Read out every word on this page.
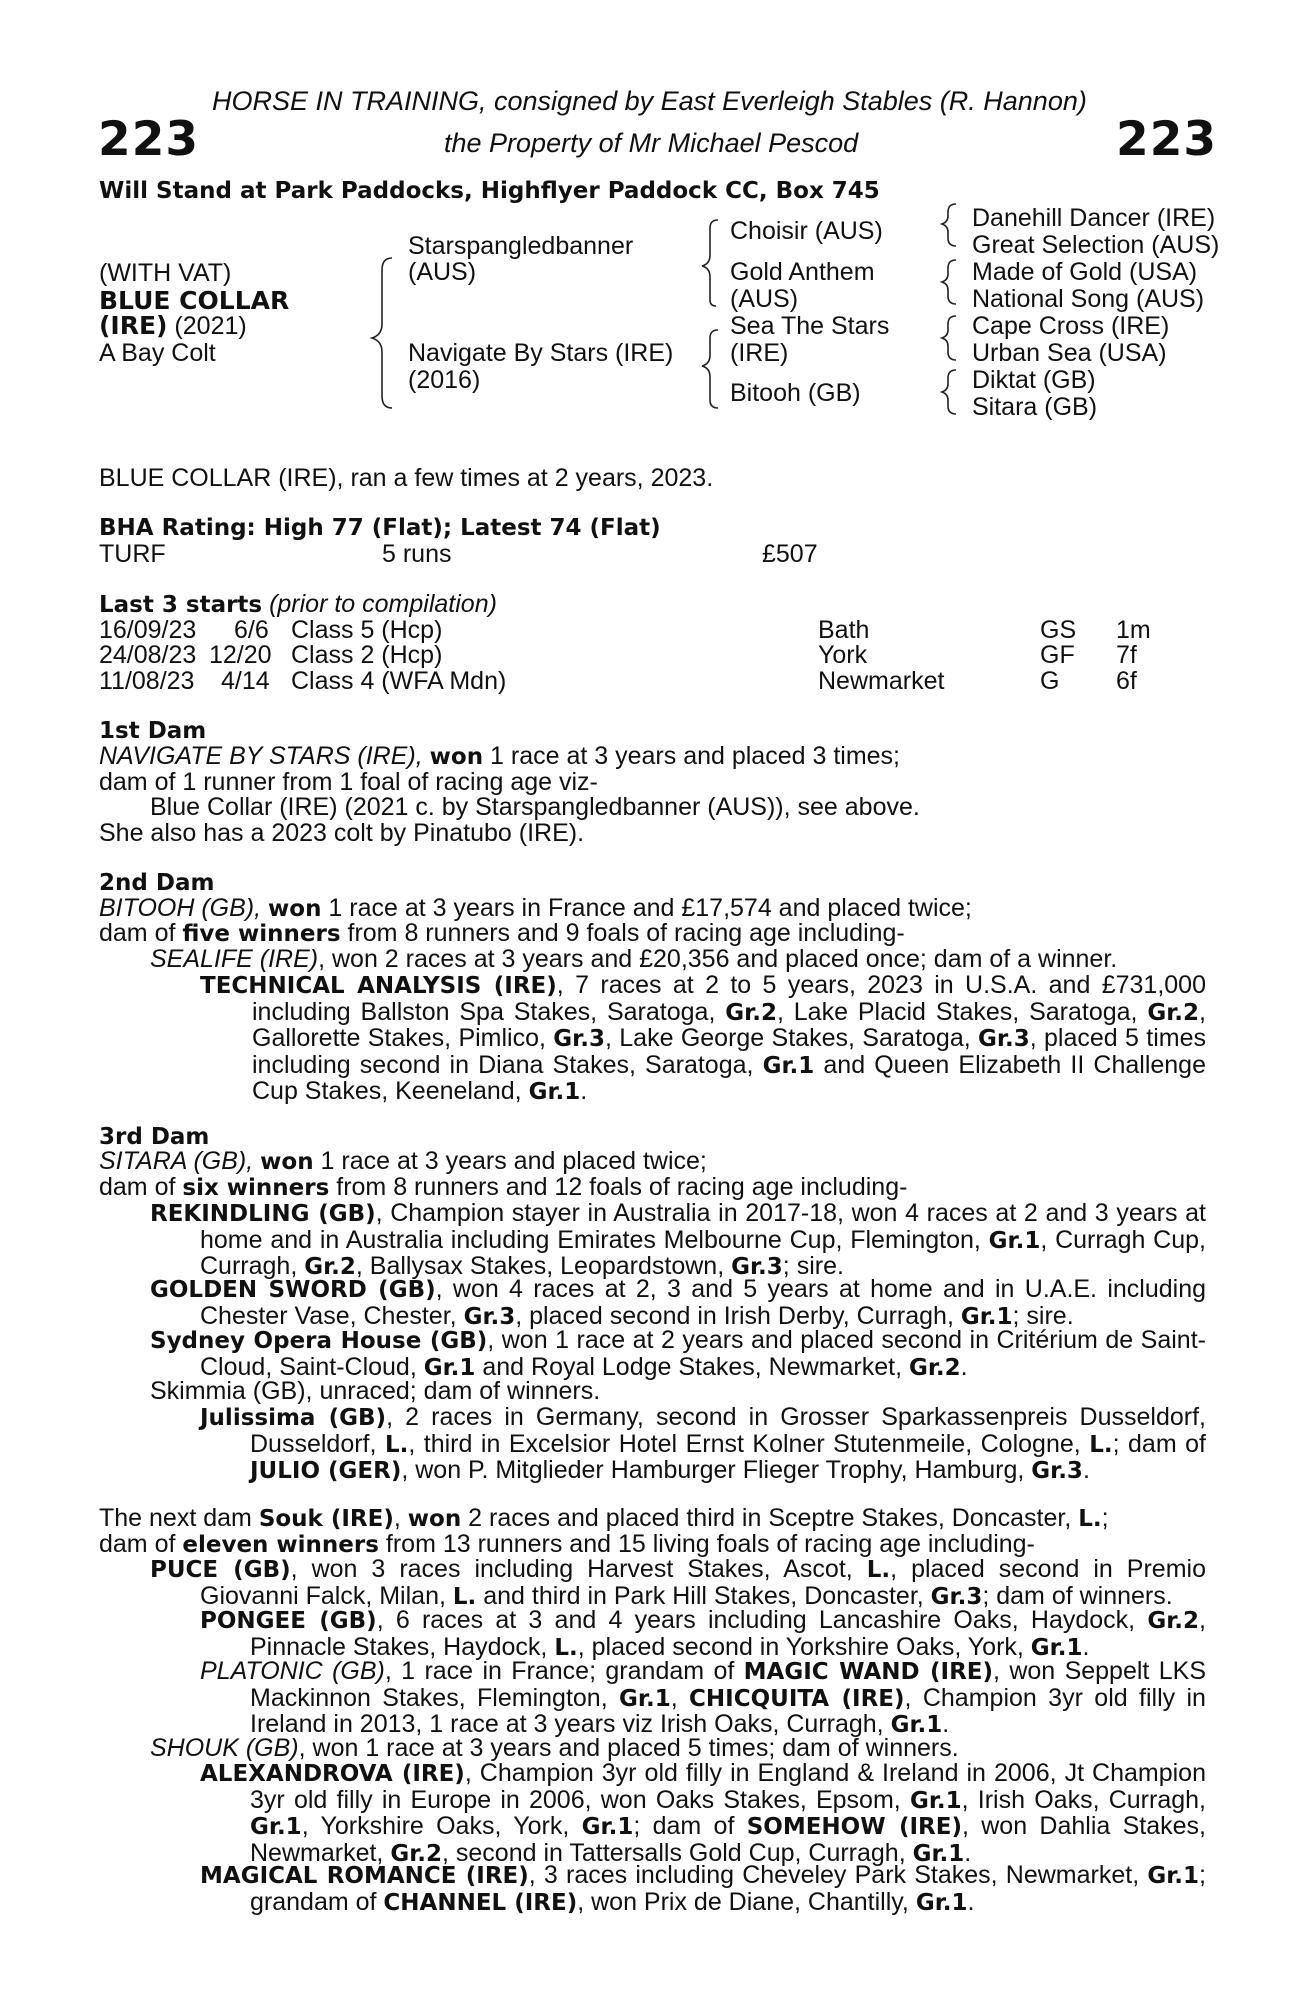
HORSE IN TRAINING, consigned by East Everleigh Stables (R. Hannon)
223	the Property of Mr Michael Pescod	223
Will Stand at Park Paddocks, Highflyer Paddock CC, Box 745
(WITH VAT)
BLUE COLLAR
(IRE) (2021)
A Bay Colt
Starspangledbanner
(AUS)
Navigate By Stars (IRE)
(2016)
Choisir (AUS)
Gold Anthem
(AUS)
Sea The Stars
(IRE)
Bitooh (GB)
Danehill Dancer (IRE)
Great Selection (AUS)
Made of Gold (USA)
National Song (AUS)
Cape Cross (IRE)
Urban Sea (USA)
Diktat (GB)
Sitara (GB)
BLUE COLLAR (IRE), ran a few times at 2 years, 2023.
BHA Rating: High 77 (Flat); Latest 74 (Flat)
TURF	5 runs	£507
Last 3 starts (prior to compilation)
16/09/23 6/6 Class 5 (Hcp)	Bath	GS 1m
24/08/23 12/20 Class 2 (Hcp)	York	GF 7f
11/08/23 4/14 Class 4 (WFA Mdn)	Newmarket	G 6f
1st Dam
NAVIGATE BY STARS (IRE), won 1 race at 3 years and placed 3 times;
dam of 1 runner from 1 foal of racing age viz-
Blue Collar (IRE) (2021 c. by Starspangledbanner (AUS)), see above.
She also has a 2023 colt by Pinatubo (IRE).
2nd Dam
BITOOH (GB), won 1 race at 3 years in France and £17,574 and placed twice;
dam of five winners from 8 runners and 9 foals of racing age including-
SEALIFE (IRE), won 2 races at 3 years and £20,356 and placed once; dam of a winner.
TECHNICAL ANALYSIS (IRE), 7 races at 2 to 5 years, 2023 in U.S.A. and £731,000 including Ballston Spa Stakes, Saratoga, Gr.2, Lake Placid Stakes, Saratoga, Gr.2, Gallorette Stakes, Pimlico, Gr.3, Lake George Stakes, Saratoga, Gr.3, placed 5 times including second in Diana Stakes, Saratoga, Gr.1 and Queen Elizabeth II Challenge Cup Stakes, Keeneland, Gr.1.
3rd Dam
SITARA (GB), won 1 race at 3 years and placed twice;
dam of six winners from 8 runners and 12 foals of racing age including-
REKINDLING (GB), Champion stayer in Australia in 2017-18, won 4 races at 2 and 3 years at home and in Australia including Emirates Melbourne Cup, Flemington, Gr.1, Curragh Cup, Curragh, Gr.2, Ballysax Stakes, Leopardstown, Gr.3; sire.
GOLDEN SWORD (GB), won 4 races at 2, 3 and 5 years at home and in U.A.E. including Chester Vase, Chester, Gr.3, placed second in Irish Derby, Curragh, Gr.1; sire.
Sydney Opera House (GB), won 1 race at 2 years and placed second in Critérium de Saint-Cloud, Saint-Cloud, Gr.1 and Royal Lodge Stakes, Newmarket, Gr.2.
Skimmia (GB), unraced; dam of winners.
Julissima (GB), 2 races in Germany, second in Grosser Sparkassenpreis Dusseldorf, Dusseldorf, L., third in Excelsior Hotel Ernst Kolner Stutenmeile, Cologne, L.; dam of JULIO (GER), won P. Mitglieder Hamburger Flieger Trophy, Hamburg, Gr.3.
The next dam Souk (IRE), won 2 races and placed third in Sceptre Stakes, Doncaster, L.;
dam of eleven winners from 13 runners and 15 living foals of racing age including-
PUCE (GB), won 3 races including Harvest Stakes, Ascot, L., placed second in Premio Giovanni Falck, Milan, L. and third in Park Hill Stakes, Doncaster, Gr.3; dam of winners.
PONGEE (GB), 6 races at 3 and 4 years including Lancashire Oaks, Haydock, Gr.2, Pinnacle Stakes, Haydock, L., placed second in Yorkshire Oaks, York, Gr.1.
PLATONIC (GB), 1 race in France; grandam of MAGIC WAND (IRE), won Seppelt LKS Mackinnon Stakes, Flemington, Gr.1, CHICQUITA (IRE), Champion 3yr old filly in Ireland in 2013, 1 race at 3 years viz Irish Oaks, Curragh, Gr.1.
SHOUK (GB), won 1 race at 3 years and placed 5 times; dam of winners.
ALEXANDROVA (IRE), Champion 3yr old filly in England & Ireland in 2006, Jt Champion 3yr old filly in Europe in 2006, won Oaks Stakes, Epsom, Gr.1, Irish Oaks, Curragh, Gr.1, Yorkshire Oaks, York, Gr.1; dam of SOMEHOW (IRE), won Dahlia Stakes, Newmarket, Gr.2, second in Tattersalls Gold Cup, Curragh, Gr.1.
MAGICAL ROMANCE (IRE), 3 races including Cheveley Park Stakes, Newmarket, Gr.1; grandam of CHANNEL (IRE), won Prix de Diane, Chantilly, Gr.1.
